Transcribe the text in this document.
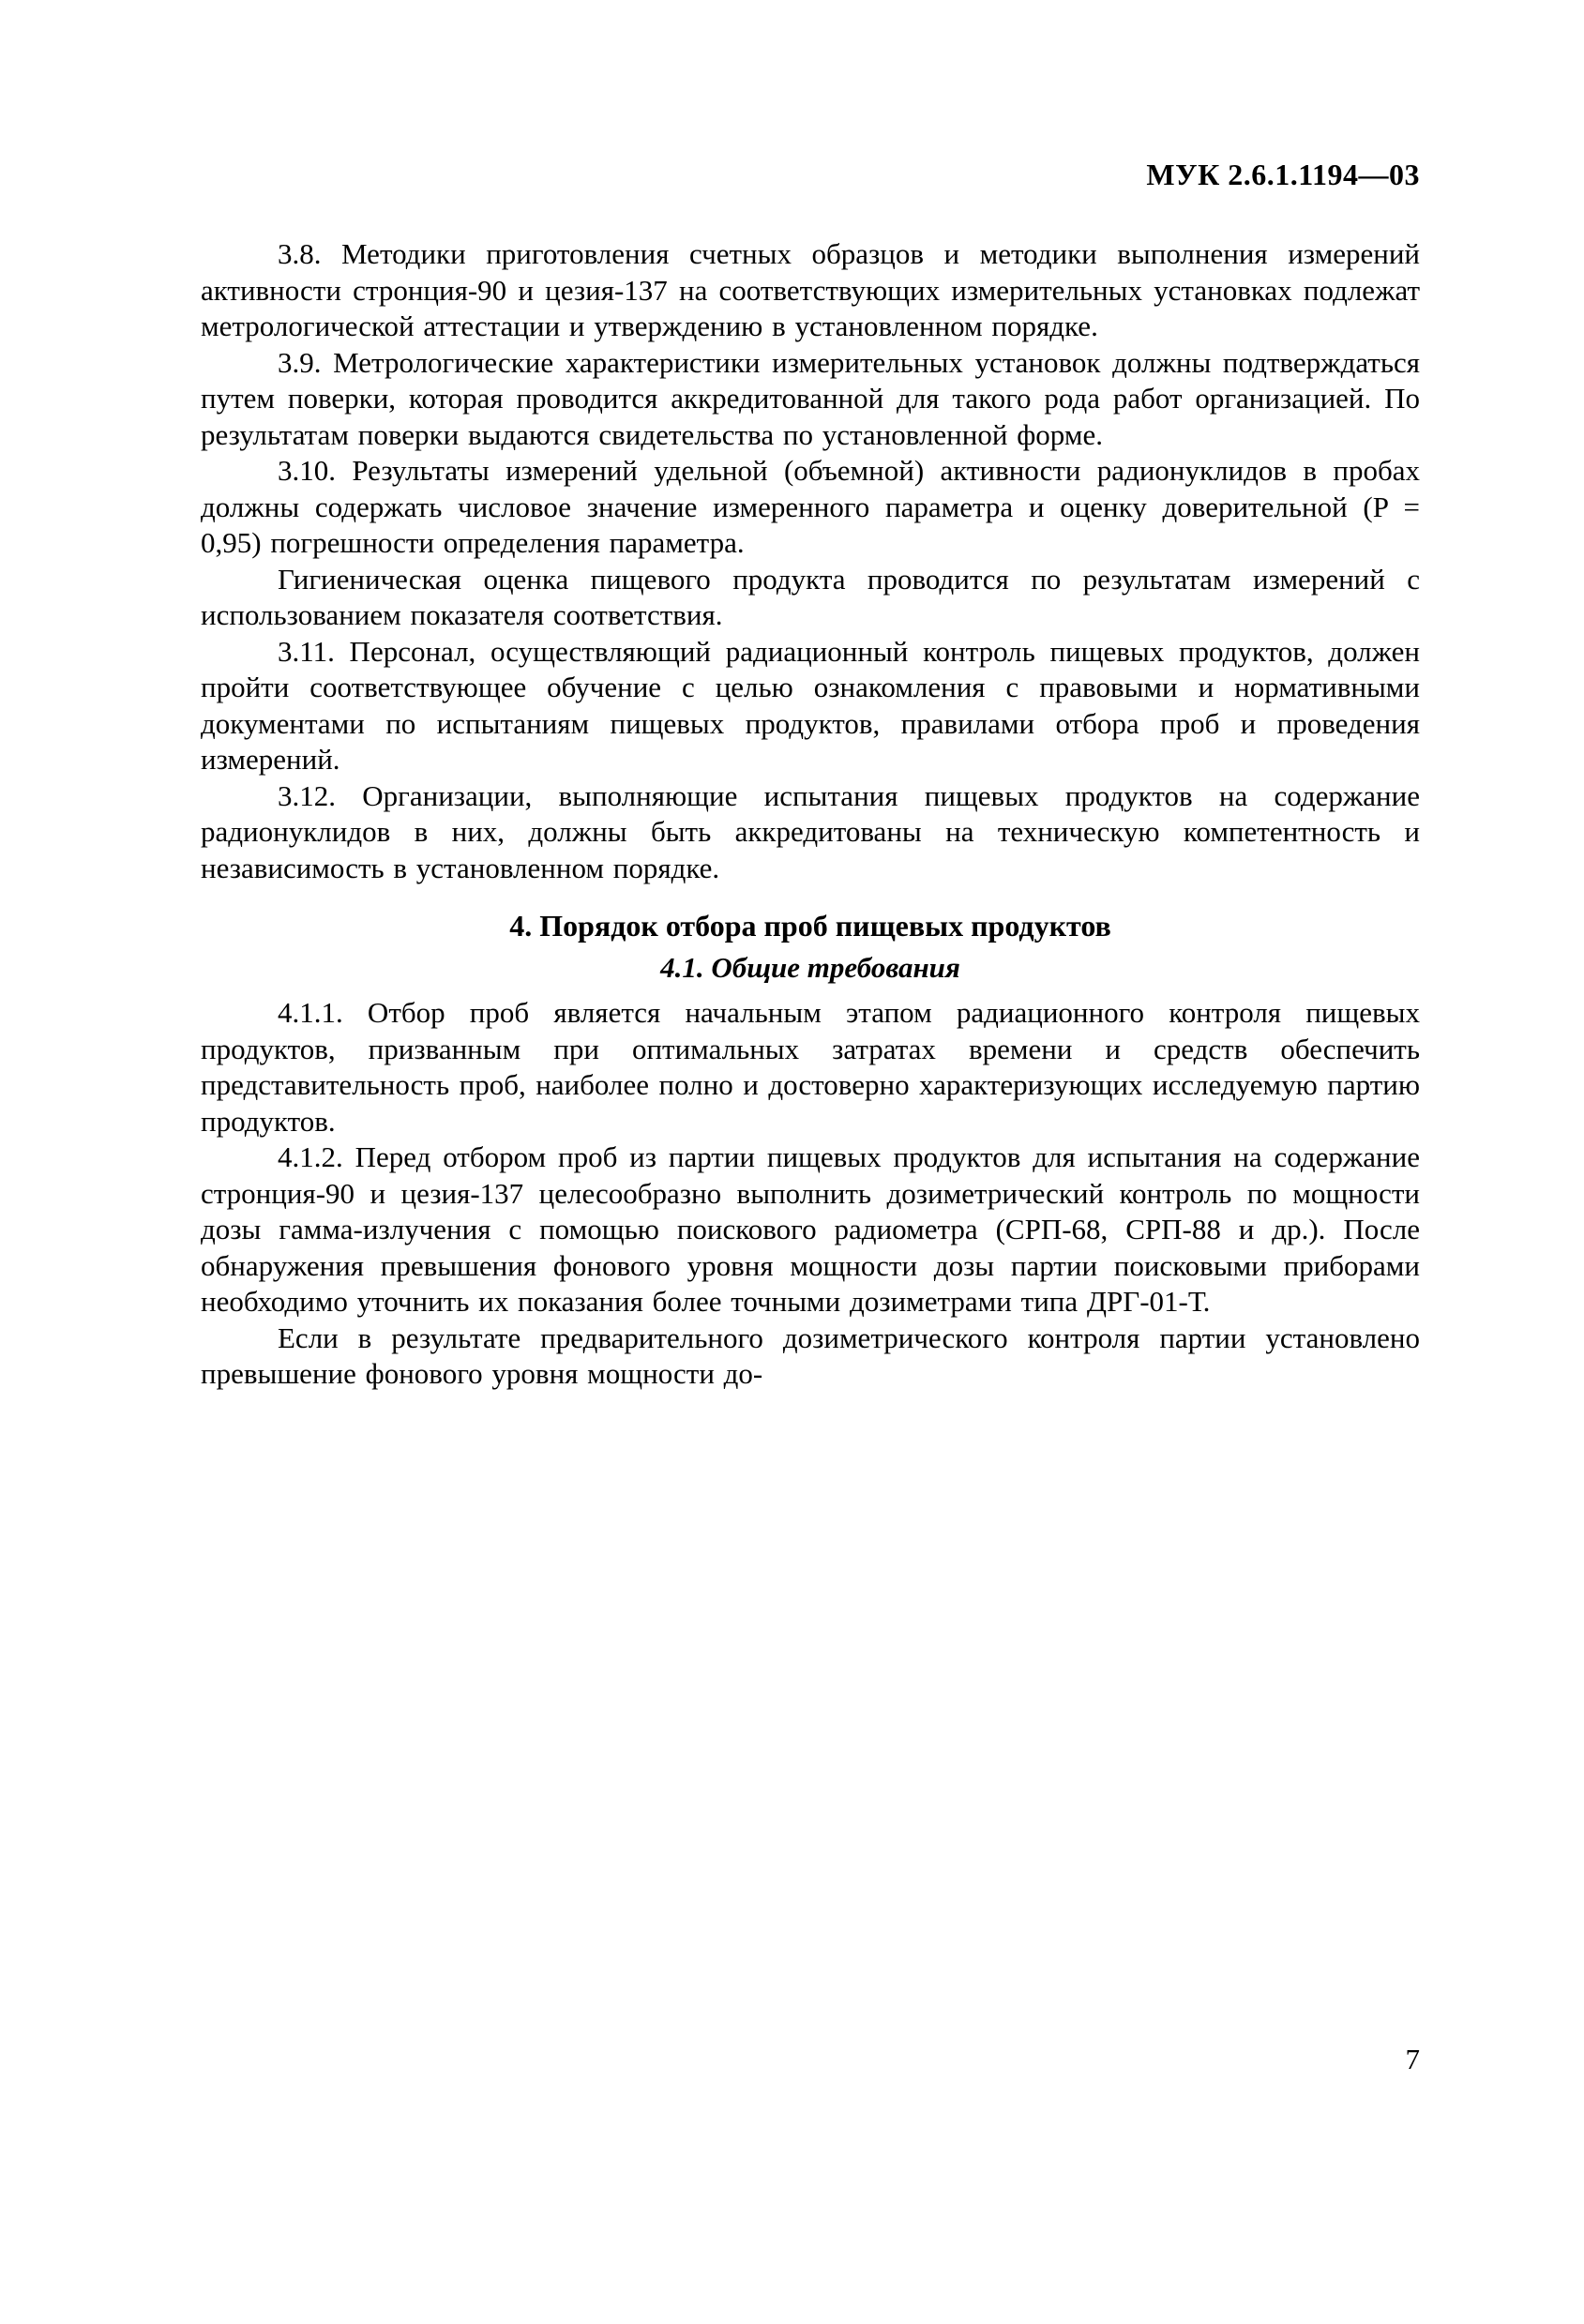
МУК 2.6.1.1194—03

3.8. Методики приготовления счетных образцов и методики выполнения измерений активности стронция-90 и цезия-137 на соответствующих измерительных установках подлежат метрологической аттестации и утверждению в установленном порядке.

3.9. Метрологические характеристики измерительных установок должны подтверждаться путем поверки, которая проводится аккредитованной для такого рода работ организацией. По результатам поверки выдаются свидетельства по установленной форме.

3.10. Результаты измерений удельной (объемной) активности радионуклидов в пробах должны содержать числовое значение измеренного параметра и оценку доверительной (P = 0,95) погрешности определения параметра.

Гигиеническая оценка пищевого продукта проводится по результатам измерений с использованием показателя соответствия.

3.11. Персонал, осуществляющий радиационный контроль пищевых продуктов, должен пройти соответствующее обучение с целью ознакомления с правовыми и нормативными документами по испытаниям пищевых продуктов, правилами отбора проб и проведения измерений.

3.12. Организации, выполняющие испытания пищевых продуктов на содержание радионуклидов в них, должны быть аккредитованы на техническую компетентность и независимость в установленном порядке.

4. Порядок отбора проб пищевых продуктов
4.1. Общие требования

4.1.1. Отбор проб является начальным этапом радиационного контроля пищевых продуктов, призванным при оптимальных затратах времени и средств обеспечить представительность проб, наиболее полно и достоверно характеризующих исследуемую партию продуктов.

4.1.2. Перед отбором проб из партии пищевых продуктов для испытания на содержание стронция-90 и цезия-137 целесообразно выполнить дозиметрический контроль по мощности дозы гамма-излучения с помощью поискового радиометра (СРП-68, СРП-88 и др.). После обнаружения превышения фонового уровня мощности дозы партии поисковыми приборами необходимо уточнить их показания более точными дозиметрами типа ДРГ-01-Т.

Если в результате предварительного дозиметрического контроля партии установлено превышение фонового уровня мощности до-

7
